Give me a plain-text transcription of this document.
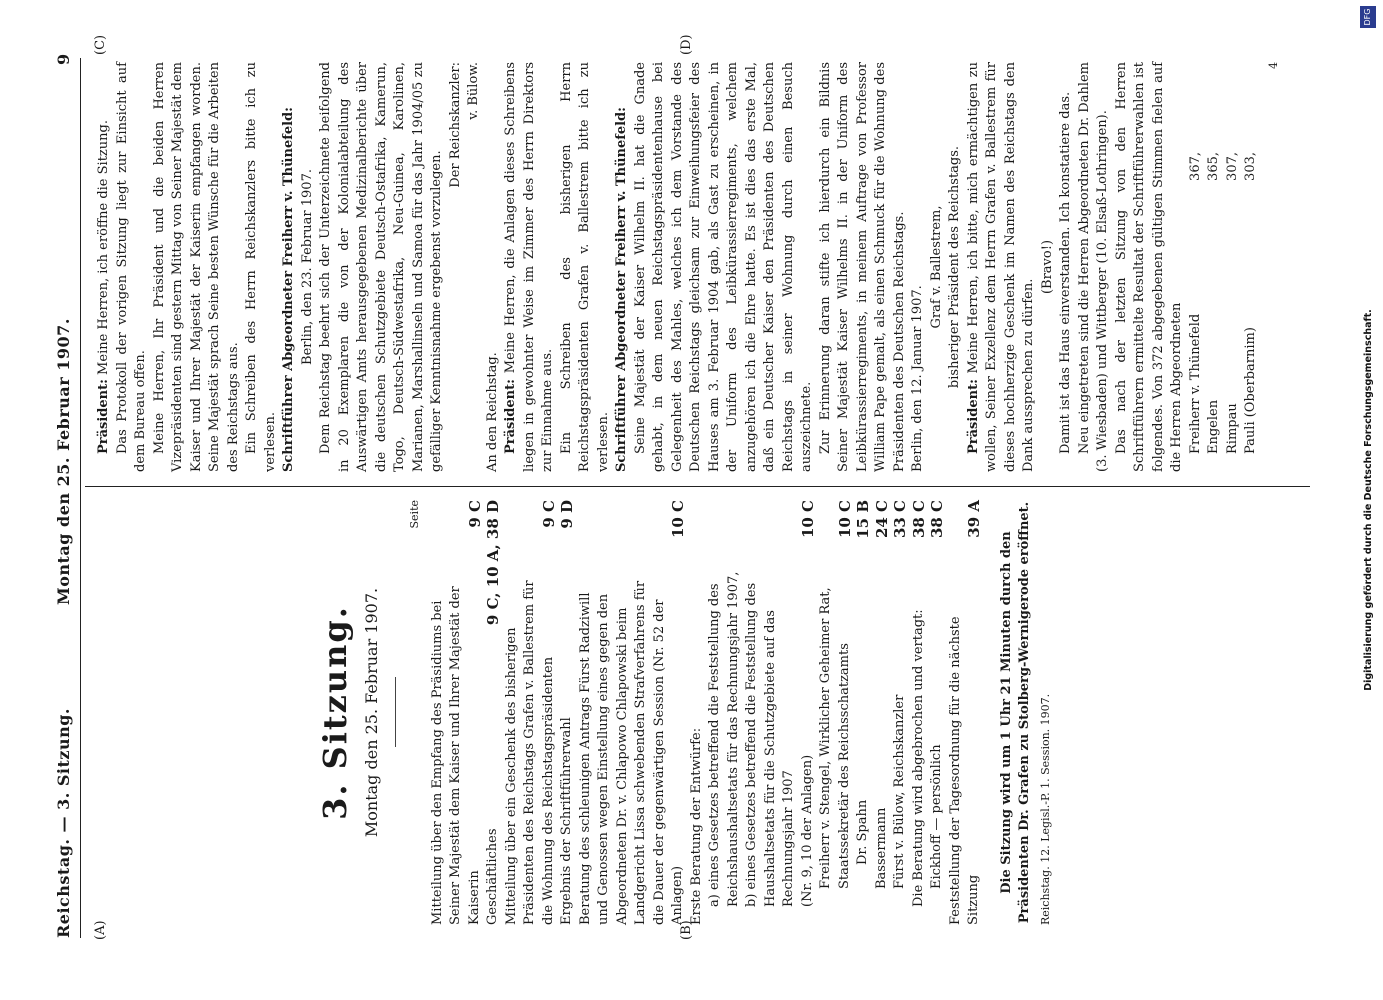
Reichstag. — 3. Sitzung.
Montag den 25. Februar 1907.
9
(A)	(B)
(C)	(D)
3. Sitzung. Montag den 25. Februar 1907.
Seite
Mitteilung über den Empfang des Präsidiums bei Seiner Majestät dem Kaiser und Ihrer Majestät der Kaiserin
9 C
Geschäftliches
9 C, 10 A, 38 D
Mitteilung über ein Geschenk des bisherigen Präsidenten des Reichstags Grafen v. Ballestrem für die Wohnung des Reichstagspräsidenten
9 C
Ergebnis der Schriftführerwahl
9 D
Beratung des schleunigen Antrags Fürst Radziwill und Genossen wegen Einstellung eines gegen den Abgeordneten Dr. v. Chlapowo Chlapowski beim Landgericht Lissa schwebenden Strafverfahrens für die Dauer der gegenwärtigen Session (Nr. 52 der Anlagen)
10 C
Erste Beratung der Entwürfe: a) eines Gesetzes betreffend die Feststellung des Reichshaushaltsetats für das Rechnungsjahr 1907, b) eines Gesetzes betreffend die Feststellung des Haushaltsetats für die Schutzgebiete auf das Rechnungsjahr 1907 (Nr. 9, 10 der Anlagen)
10 C
Freiherr v. Stengel, Wirklicher Geheimer Rat, Staatssekretär des Reichsschatzamts
10 C
Dr. Spahn
15 B
Bassermann
24 C
Fürst v. Bülow, Reichskanzler
33 C
Die Beratung wird abgebrochen und vertagt:
38 C
Eickhoff — persönlich
38 C
Feststellung der Tagesordnung für die nächste Sitzung
39 A

Die Sitzung wird um 1 Uhr 21 Minuten durch den Präsidenten Dr. Grafen zu Stolberg-Wernigerode eröffnet. Reichstag. 12. Legisl.-P. 1. Session. 1907.

Präsident: Meine Herren, ich eröffne die Sitzung. Das Protokoll der vorigen Sitzung liegt zur Einsicht auf dem Bureau offen. Meine Herren, Ihr Präsident und die beiden Herren Vizepräsidenten sind gestern Mittag von Seiner Majestät dem Kaiser und Ihrer Majestät der Kaiserin empfangen worden. Seine Majestät sprach Seine besten Wünsche für die Arbeiten des Reichstags aus. Ein Schreiben des Herrn Reichskanzlers bitte ich zu verlesen. Schriftführer Abgeordneter Freiherr v. Thünefeld: Berlin, den 23. Februar 1907. Dem Reichstag beehrt sich der Unterzeichnete beifolgend in 20 Exemplaren die von der Kolonialabteilung des Auswärtigen Amts herausgegebenen Medizinalberichte über die deutschen Schutzgebiete Deutsch-Ostafrika, Kamerun, Togo, Deutsch-Südwestafrika, Neu-Guinea, Karolinen, Marianen, Marshallinseln und Samoa für das Jahr 1904/05 zu gefälliger Kenntnisnahme ergebenst vorzulegen.

Der Reichskanzler: v. Bülow.

An den Reichstag. Präsident: Meine Herren, die Anlagen dieses Schreibens liegen in gewohnter Weise im Zimmer des Herrn Direktors zur Einnahme aus. Ein Schreiben des bisherigen Herrn Reichstagspräsidenten Grafen v. Ballestrem bitte ich zu verlesen. Schriftführer Abgeordneter Freiherr v. Thünefeld: Seine Majestät der Kaiser Wilhelm II. hat die Gnade gehabt, in dem neuen Reichstagspräsidentenhause bei Gelegenheit des Mahles, welches ich dem Vorstande des Deutschen Reichstags gleichsam zur Einweihungsfeier des Hauses am 3. Februar 1904 gab, als Gast zu erscheinen, in der Uniform des Leibkürassierregiments, welchem anzugehören ich die Ehre hatte. Es ist dies das erste Mal, daß ein Deutscher Kaiser den Präsidenten des Deutschen Reichstags in seiner Wohnung durch einen Besuch auszeichnete. Zur Erinnerung daran stifte ich hierdurch ein Bildnis Seiner Majestät Kaiser Wilhelms II. in der Uniform des Leibkürassierregiments, in meinem Auftrage von Professor William Pape gemalt, als einen Schmuck für die Wohnung des Präsidenten des Deutschen Reichstags. Berlin, den 12. Januar 1907.

Graf v. Ballestrem, bisheriger Präsident des Reichstags.

Präsident: Meine Herren, ich bitte, mich ermächtigen zu wollen, Seiner Exzellenz dem Herrn Grafen v. Ballestrem für dieses hochherzige Geschenk im Namen des Reichstags den Dank aussprechen zu dürfen.

(Bravo!) Damit ist das Haus einverstanden. Ich konstatiere das. Neu eingetreten sind die Herren Abgeordneten Dr. Dahlem (3. Wiesbaden) und Wittberger (10. Elsaß-Lothringen). Das nach der letzten Sitzung von den Herren Schriftführern ermittelte Resultat der Schriftführerwahlen ist folgendes. Von 372 abgegebenen gültigen Stimmen fielen auf die Herren Abgeordneten Freiherr v. Thünefeld
367,
Engelen
365,
Rimpau
307,
Pauli (Oberbarnim)
303,
4
Digitalisierung gefördert durch die Deutsche Forschungsgemeinschaft.
DFG
